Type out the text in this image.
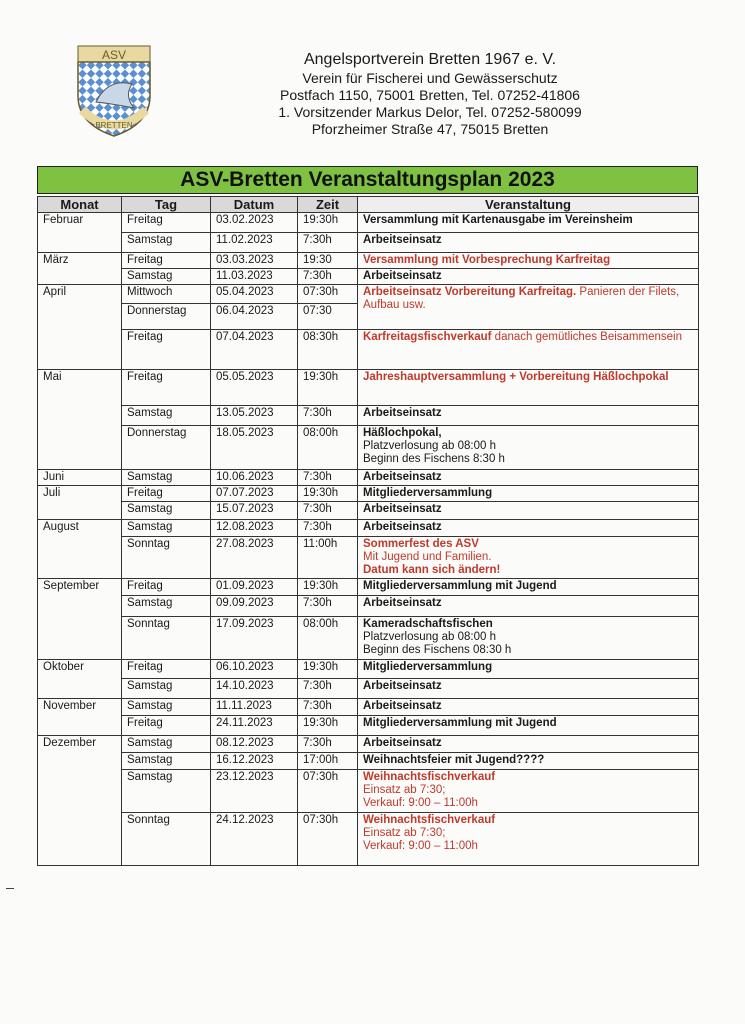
ASV
BRETTEN
Angelsportverein Bretten 1967 e. V.
Verein für Fischerei und Gewässerschutz
Postfach 1150, 75001 Bretten, Tel. 07252-41806
1. Vorsitzender Markus Delor, Tel. 07252-580099
Pforzheimer Straße 47, 75015 Bretten
ASV-Bretten Veranstaltungsplan 2023
Monat	Tag	Datum	Zeit	Veranstaltung
Februar	Freitag	03.02.2023	19:30h	Versammlung mit Kartenausgabe im Vereinsheim
	Samstag	11.02.2023	7:30h	Arbeitseinsatz
März	Freitag	03.03.2023	19:30	Versammlung mit Vorbesprechung Karfreitag
	Samstag	11.03.2023	7:30h	Arbeitseinsatz
April	Mittwoch	05.04.2023	07:30h	Arbeitseinsatz Vorbereitung Karfreitag. Panieren der Filets, Aufbau usw.
	Donnerstag	06.04.2023	07:30	
	Freitag	07.04.2023	08:30h	Karfreitagsfischverkauf danach gemütliches Beisammensein
Mai	Freitag	05.05.2023	19:30h	Jahreshauptversammlung + Vorbereitung Häßlochpokal
	Samstag	13.05.2023	7:30h	Arbeitseinsatz
	Donnerstag	18.05.2023	08:00h	Häßlochpokal,
Platzverlosung ab 08:00 h
Beginn des Fischens 8:30 h
Juni	Samstag	10.06.2023	7:30h	Arbeitseinsatz
Juli	Freitag	07.07.2023	19:30h	Mitgliederversammlung
	Samstag	15.07.2023	7:30h	Arbeitseinsatz
August	Samstag	12.08.2023	7:30h	Arbeitseinsatz
	Sonntag	27.08.2023	11:00h	Sommerfest des ASV
Mit Jugend und Familien.
Datum kann sich ändern!
September	Freitag	01.09.2023	19:30h	Mitgliederversammlung mit Jugend
	Samstag	09.09.2023	7:30h	Arbeitseinsatz
	Sonntag	17.09.2023	08:00h	Kameradschaftsfischen
Platzverlosung ab 08:00 h
Beginn des Fischens 08:30 h
Oktober	Freitag	06.10.2023	19:30h	Mitgliederversammlung
	Samstag	14.10.2023	7:30h	Arbeitseinsatz
November	Samstag	11.11.2023	7:30h	Arbeitseinsatz
	Freitag	24.11.2023	19:30h	Mitgliederversammlung mit Jugend
Dezember	Samstag	08.12.2023	7:30h	Arbeitseinsatz
	Samstag	16.12.2023	17:00h	Weihnachtsfeier mit Jugend????
	Samstag	23.12.2023	07:30h	Weihnachtsfischverkauf
Einsatz ab 7:30;
Verkauf: 9:00 – 11:00h
	Sonntag	24.12.2023	07:30h	Weihnachtsfischverkauf
Einsatz ab 7:30;
Verkauf: 9:00 – 11:00h
